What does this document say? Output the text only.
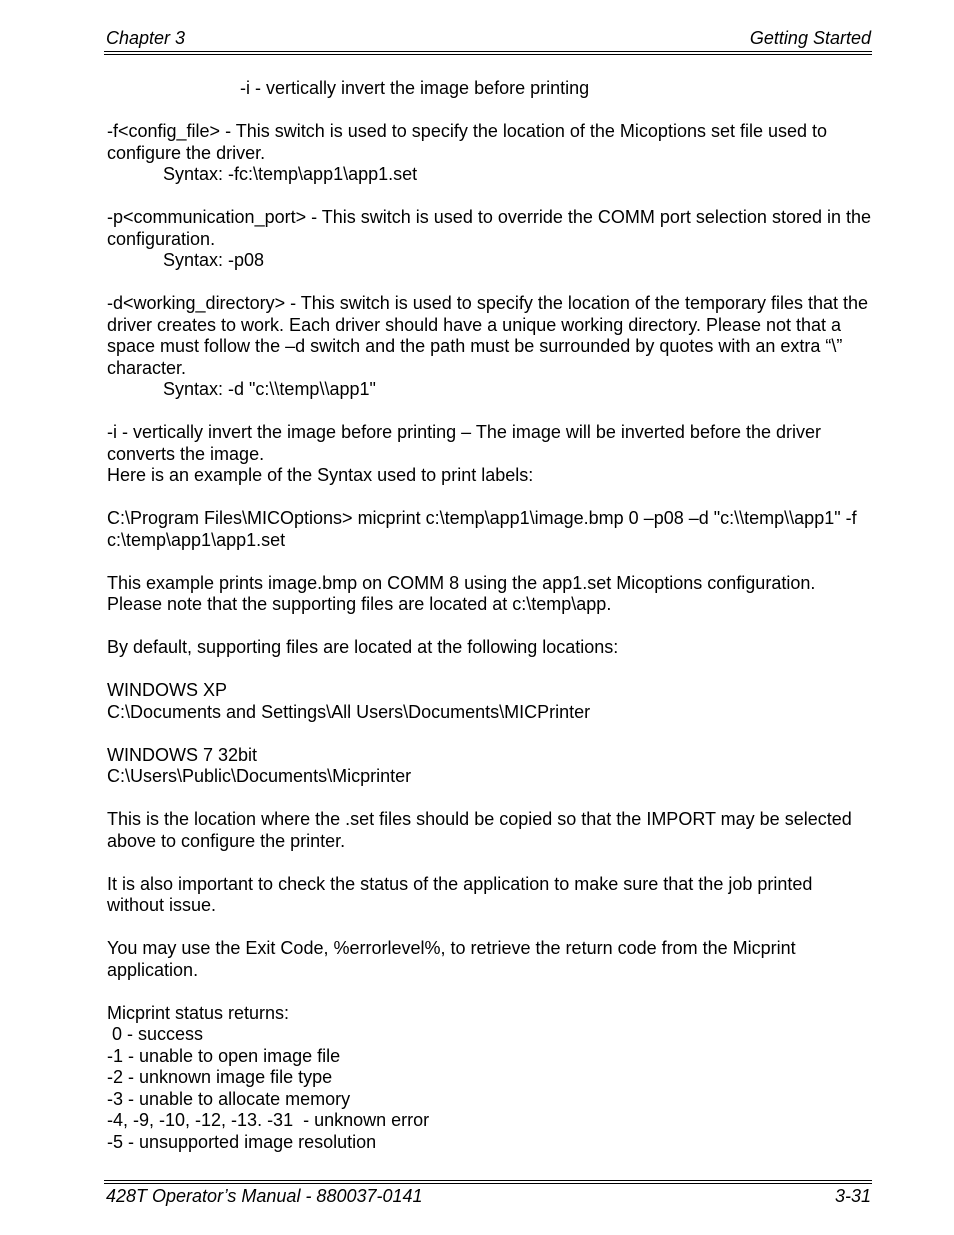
Chapter 3	Getting Started

-i - vertically invert the image before printing

-f<config_file> - This switch is used to specify the location of the Micoptions set file used to configure the driver.
Syntax: -fc:\temp\app1\app1.set

-p<communication_port> - This switch is used to override the COMM port selection stored in the configuration.
Syntax: -p08

-d<working_directory> - This switch is used to specify the location of the temporary files that the driver creates to work. Each driver should have a unique working directory. Please not that a space must follow the –d switch and the path must be surrounded by quotes with an extra “\” character.
Syntax: -d "c:\\temp\\app1"

-i - vertically invert the image before printing – The image will be inverted before the driver converts the image.
Here is an example of the Syntax used to print labels:

C:\Program Files\MICOptions> micprint c:\temp\app1\image.bmp 0 –p08 –d "c:\\temp\\app1" -f c:\temp\app1\app1.set

This example prints image.bmp on COMM 8 using the app1.set Micoptions configuration. Please note that the supporting files are located at c:\temp\app.

By default, supporting files are located at the following locations:

WINDOWS XP
C:\Documents and Settings\All Users\Documents\MICPrinter

WINDOWS 7 32bit
C:\Users\Public\Documents\Micprinter

This is the location where the .set files should be copied so that the IMPORT may be selected above to configure the printer.

It is also important to check the status of the application to make sure that the job printed without issue.

You may use the Exit Code, %errorlevel%, to retrieve the return code from the Micprint application.

Micprint status returns:
0 - success
-1 - unable to open image file
-2 - unknown image file type
-3 - unable to allocate memory
-4, -9, -10, -12, -13. -31  - unknown error
-5 - unsupported image resolution
428T Operator’s Manual - 880037-0141	3-31
